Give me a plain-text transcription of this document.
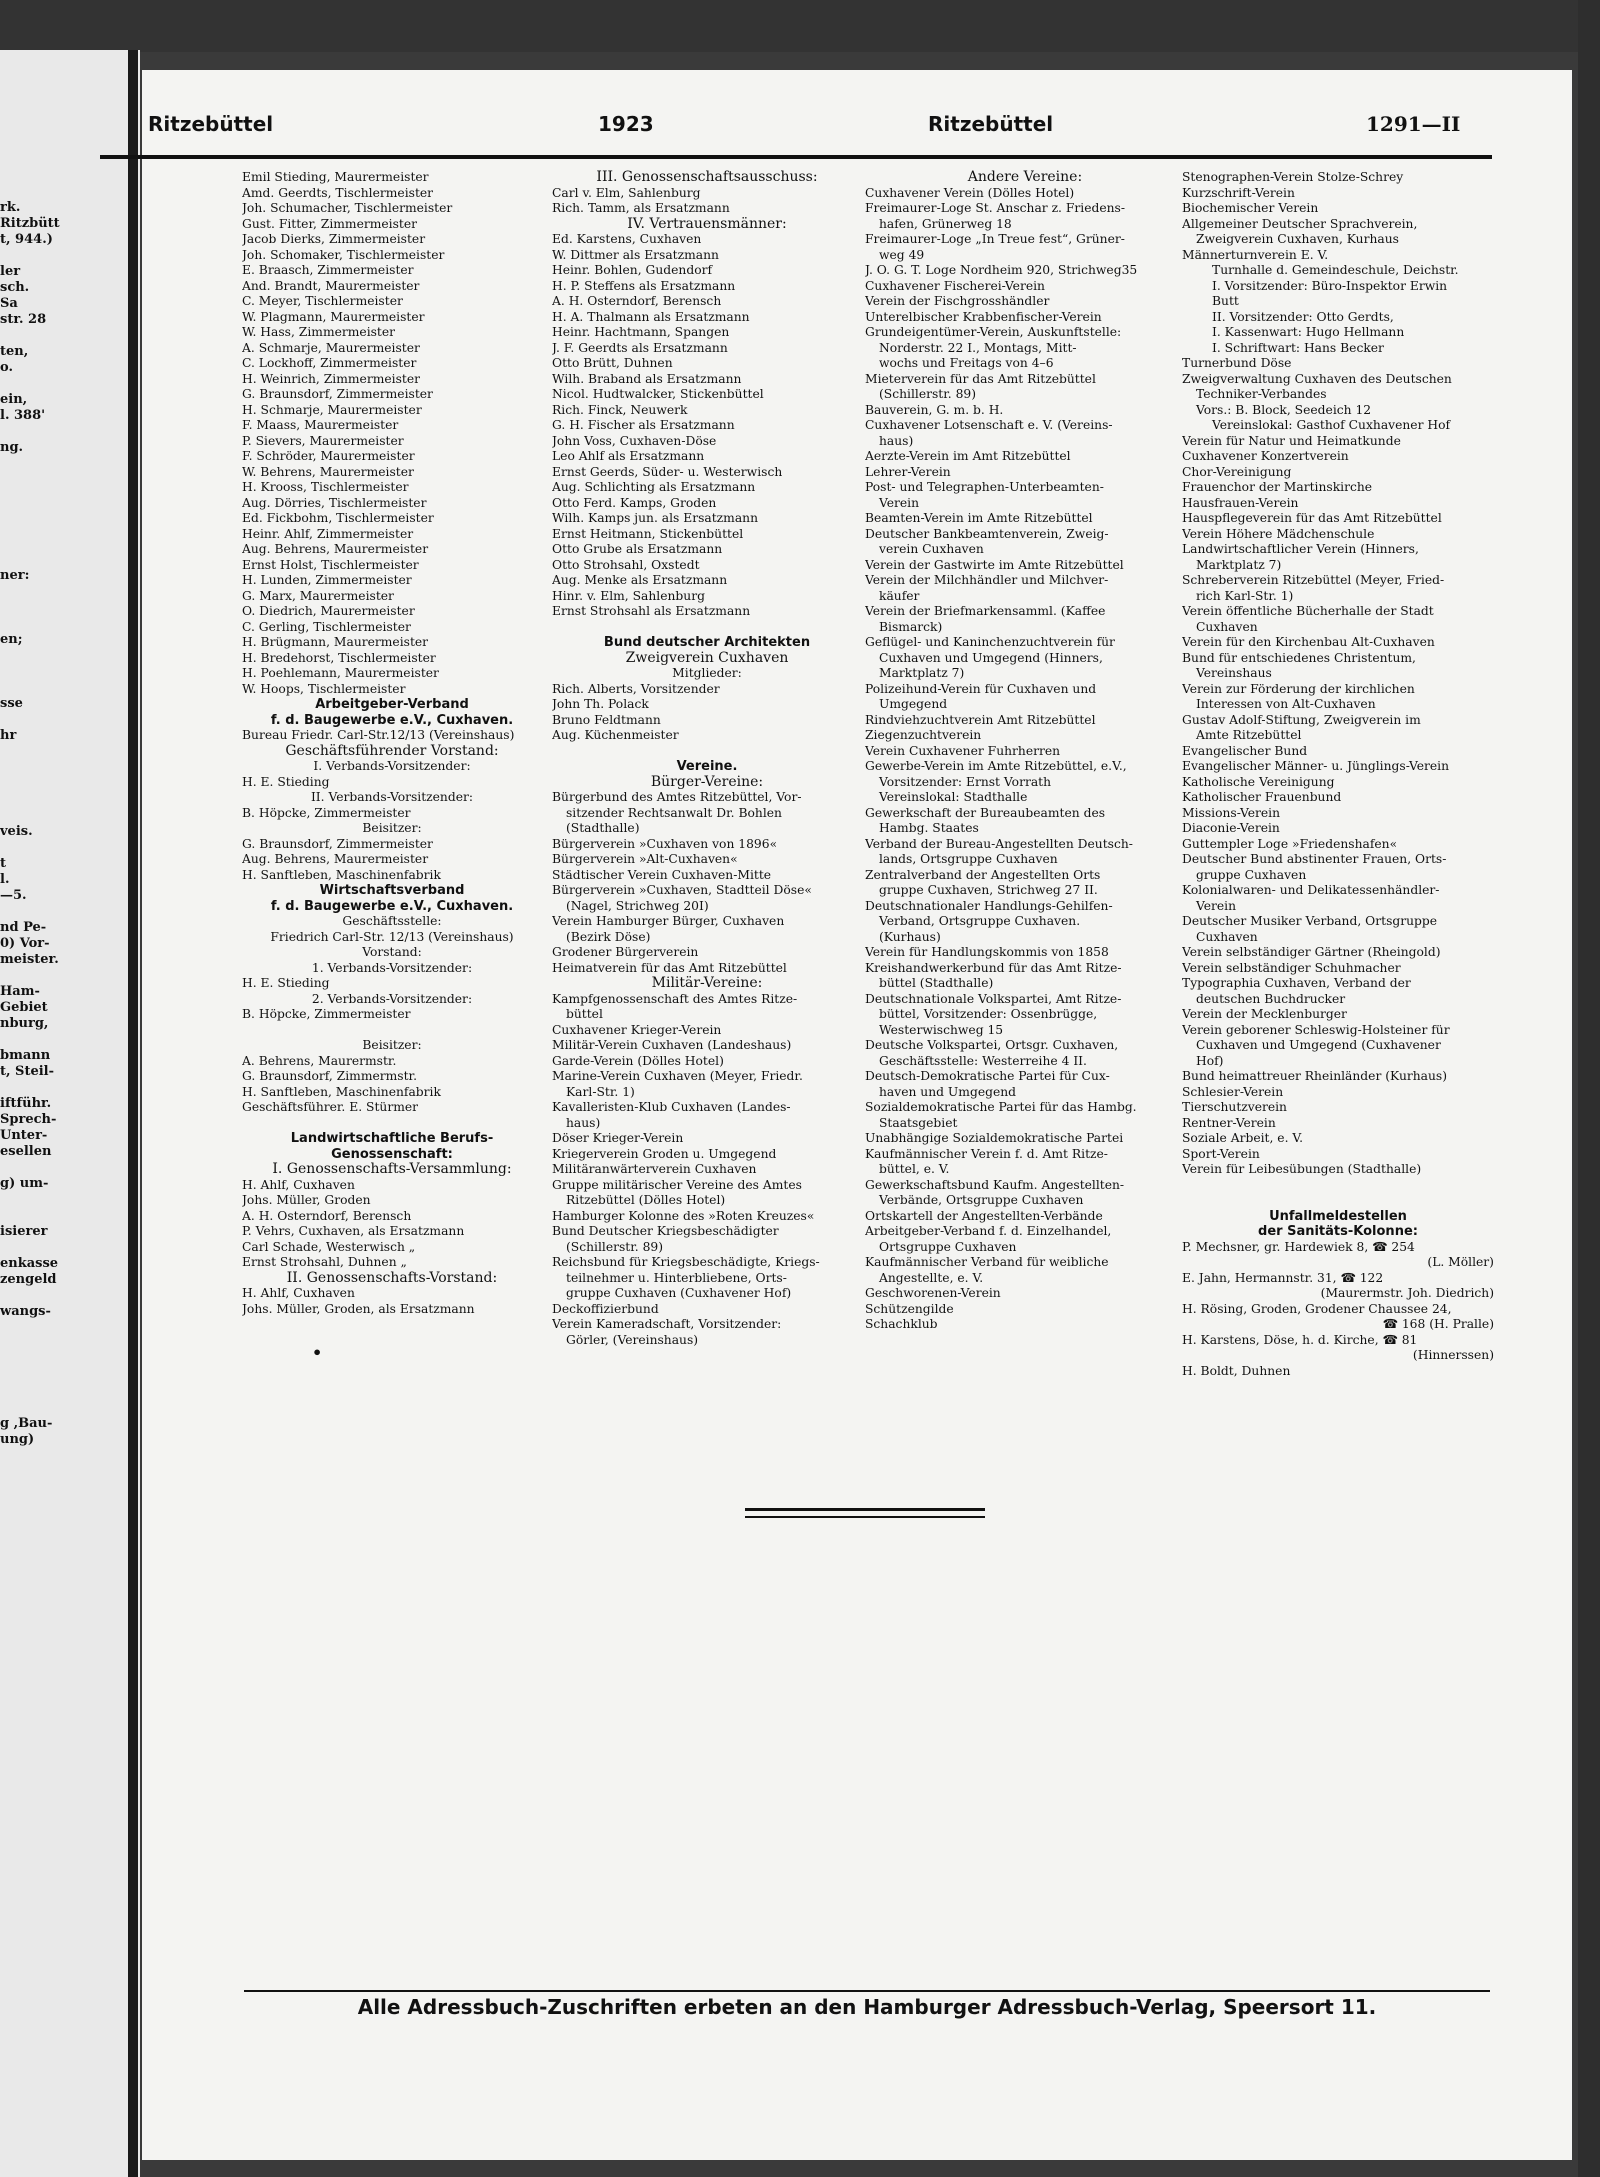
rk.
Ritzbütt
t, 944.)

ler
sch.
Sa
str. 28

ten,
o.

ein,
l. 388'

ng.

ner:

en;

sse

hr

veis.

t
l.
—5.

nd Pe-
0) Vor-
meister.

Ham-
Gebiet
nburg,

bmann
t, Steil-

iftführ.
Sprech-
Unter-
esellen

g) um-

isierer

enkasse
zengeld

wangs-

g ,Bau-
ung)
Ritzebüttel	1923	Ritzebüttel	1291—II
Emil Stieding, Maurermeister
Amd. Geerdts, Tischlermeister
Joh. Schumacher, Tischlermeister
Gust. Fitter, Zimmermeister
Jacob Dierks, Zimmermeister
Joh. Schomaker, Tischlermeister
E. Braasch, Zimmermeister
And. Brandt, Maurermeister
C. Meyer, Tischlermeister
W. Plagmann, Maurermeister
W. Hass, Zimmermeister
A. Schmarje, Maurermeister
C. Lockhoff, Zimmermeister
H. Weinrich, Zimmermeister
G. Braunsdorf, Zimmermeister
H. Schmarje, Maurermeister
F. Maass, Maurermeister
P. Sievers, Maurermeister
F. Schröder, Maurermeister
W. Behrens, Maurermeister
H. Krooss, Tischlermeister
Aug. Dörries, Tischlermeister
Ed. Fickbohm, Tischlermeister
Heinr. Ahlf, Zimmermeister
Aug. Behrens, Maurermeister
Ernst Holst, Tischlermeister
H. Lunden, Zimmermeister
G. Marx, Maurermeister
O. Diedrich, Maurermeister
C. Gerling, Tischlermeister
H. Brügmann, Maurermeister
H. Bredehorst, Tischlermeister
H. Poehlemann, Maurermeister
W. Hoops, Tischlermeister
Arbeitgeber-Verband
f. d. Baugewerbe e.V., Cuxhaven.
Bureau Friedr. Carl-Str.12/13 (Vereinshaus)
Geschäftsführender Vorstand:
I. Verbands-Vorsitzender:
H. E. Stieding
II. Verbands-Vorsitzender:
B. Höpcke, Zimmermeister
Beisitzer:
G. Braunsdorf, Zimmermeister
Aug. Behrens, Maurermeister
H. Sanftleben, Maschinenfabrik
Wirtschaftsverband
f. d. Baugewerbe e.V., Cuxhaven.
Geschäftsstelle:
Friedrich Carl-Str. 12/13 (Vereinshaus)
Vorstand:
1. Verbands-Vorsitzender:
H. E. Stieding
2. Verbands-Vorsitzender:
B. Höpcke, Zimmermeister

Beisitzer:
A. Behrens, Maurermstr.
G. Braunsdorf, Zimmermstr.
H. Sanftleben, Maschinenfabrik
Geschäftsführer. E. Stürmer

Landwirtschaftliche Berufs-
Genossenschaft:
I. Genossenschafts-Versammlung:
H. Ahlf, Cuxhaven
Johs. Müller, Groden
A. H. Osterndorf, Berensch
P. Vehrs, Cuxhaven, als Ersatzmann
Carl Schade, Westerwisch „
Ernst Strohsahl, Duhnen „
II. Genossenschafts-Vorstand:
H. Ahlf, Cuxhaven
Johs. Müller, Groden, als Ersatzmann
III. Genossenschaftsausschuss:
Carl v. Elm, Sahlenburg
Rich. Tamm, als Ersatzmann
IV. Vertrauensmänner:
Ed. Karstens, Cuxhaven
W. Dittmer als Ersatzmann
Heinr. Bohlen, Gudendorf
H. P. Steffens als Ersatzmann
A. H. Osterndorf, Berensch
H. A. Thalmann als Ersatzmann
Heinr. Hachtmann, Spangen
J. F. Geerdts als Ersatzmann
Otto Brütt, Duhnen
Wilh. Braband als Ersatzmann
Nicol. Hudtwalcker, Stickenbüttel
Rich. Finck, Neuwerk
G. H. Fischer als Ersatzmann
John Voss, Cuxhaven-Döse
Leo Ahlf als Ersatzmann
Ernst Geerds, Süder- u. Westerwisch
Aug. Schlichting als Ersatzmann
Otto Ferd. Kamps, Groden
Wilh. Kamps jun. als Ersatzmann
Ernst Heitmann, Stickenbüttel
Otto Grube als Ersatzmann
Otto Strohsahl, Oxstedt
Aug. Menke als Ersatzmann
Hinr. v. Elm, Sahlenburg
Ernst Strohsahl als Ersatzmann

Bund deutscher Architekten
Zweigverein Cuxhaven
Mitglieder:
Rich. Alberts, Vorsitzender
John Th. Polack
Bruno Feldtmann
Aug. Küchenmeister

Vereine.
Bürger-Vereine:
Bürgerbund des Amtes Ritzebüttel, Vor-
sitzender Rechtsanwalt Dr. Bohlen
(Stadthalle)
Bürgerverein »Cuxhaven von 1896«
Bürgerverein »Alt-Cuxhaven«
Städtischer Verein Cuxhaven-Mitte
Bürgerverein »Cuxhaven, Stadtteil Döse«
(Nagel, Strichweg 20I)
Verein Hamburger Bürger, Cuxhaven
(Bezirk Döse)
Grodener Bürgerverein
Heimatverein für das Amt Ritzebüttel
Militär-Vereine:
Kampfgenossenschaft des Amtes Ritze-
büttel
Cuxhavener Krieger-Verein
Militär-Verein Cuxhaven (Landeshaus)
Garde-Verein (Dölles Hotel)
Marine-Verein Cuxhaven (Meyer, Friedr.
Karl-Str. 1)
Kavalleristen-Klub Cuxhaven (Landes-
haus)
Döser Krieger-Verein
Kriegerverein Groden u. Umgegend
Militäranwärterverein Cuxhaven
Gruppe militärischer Vereine des Amtes
Ritzebüttel (Dölles Hotel)
Hamburger Kolonne des »Roten Kreuzes«
Bund Deutscher Kriegsbeschädigter
(Schillerstr. 89)
Reichsbund für Kriegsbeschädigte, Kriegs-
teilnehmer u. Hinterbliebene, Orts-
gruppe Cuxhaven (Cuxhavener Hof)
Deckoffizierbund
Verein Kameradschaft, Vorsitzender:
Görler, (Vereinshaus)
Andere Vereine:
Cuxhavener Verein (Dölles Hotel)
Freimaurer-Loge St. Anschar z. Friedens-
hafen, Grünerweg 18
Freimaurer-Loge „In Treue fest“, Grüner-
weg 49
J. O. G. T. Loge Nordheim 920, Strichweg35
Cuxhavener Fischerei-Verein
Verein der Fischgrosshändler
Unterelbischer Krabbenfischer-Verein
Grundeigentümer-Verein, Auskunftstelle:
Norderstr. 22 I., Montags, Mitt-
wochs und Freitags von 4–6
Mieterverein für das Amt Ritzebüttel
(Schillerstr. 89)
Bauverein, G. m. b. H.
Cuxhavener Lotsenschaft e. V. (Vereins-
haus)
Aerzte-Verein im Amt Ritzebüttel
Lehrer-Verein
Post- und Telegraphen-Unterbeamten-
Verein
Beamten-Verein im Amte Ritzebüttel
Deutscher Bankbeamtenverein, Zweig-
verein Cuxhaven
Verein der Gastwirte im Amte Ritzebüttel
Verein der Milchhändler und Milchver-
käufer
Verein der Briefmarkensamml. (Kaffee
Bismarck)
Geflügel- und Kaninchenzuchtverein für
Cuxhaven und Umgegend (Hinners,
Marktplatz 7)
Polizeihund-Verein für Cuxhaven und
Umgegend
Rindviehzuchtverein Amt Ritzebüttel
Ziegenzuchtverein
Verein Cuxhavener Fuhrherren
Gewerbe-Verein im Amte Ritzebüttel, e.V.,
Vorsitzender: Ernst Vorrath
Vereinslokal: Stadthalle
Gewerkschaft der Bureaubeamten des
Hambg. Staates
Verband der Bureau-Angestellten Deutsch-
lands, Ortsgruppe Cuxhaven
Zentralverband der Angestellten Orts
gruppe Cuxhaven, Strichweg 27 II.
Deutschnationaler Handlungs-Gehilfen-
Verband, Ortsgruppe Cuxhaven.
(Kurhaus)
Verein für Handlungskommis von 1858
Kreishandwerkerbund für das Amt Ritze-
büttel (Stadthalle)
Deutschnationale Volkspartei, Amt Ritze-
büttel, Vorsitzender: Ossenbrügge,
Westerwischweg 15
Deutsche Volkspartei, Ortsgr. Cuxhaven,
Geschäftsstelle: Westerreihe 4 II.
Deutsch-Demokratische Partei für Cux-
haven und Umgegend
Sozialdemokratische Partei für das Hambg.
Staatsgebiet
Unabhängige Sozialdemokratische Partei
Kaufmännischer Verein f. d. Amt Ritze-
büttel, e. V.
Gewerkschaftsbund Kaufm. Angestellten-
Verbände, Ortsgruppe Cuxhaven
Ortskartell der Angestellten-Verbände
Arbeitgeber-Verband f. d. Einzelhandel,
Ortsgruppe Cuxhaven
Kaufmännischer Verband für weibliche
Angestellte, e. V.
Geschworenen-Verein
Schützengilde
Schachklub
Stenographen-Verein Stolze-Schrey
Kurzschrift-Verein
Biochemischer Verein
Allgemeiner Deutscher Sprachverein,
Zweigverein Cuxhaven, Kurhaus
Männerturnverein E. V.
Turnhalle d. Gemeindeschule, Deichstr.
I. Vorsitzender: Büro-Inspektor Erwin
Butt
II. Vorsitzender: Otto Gerdts,
I. Kassenwart: Hugo Hellmann
I. Schriftwart: Hans Becker
Turnerbund Döse
Zweigverwaltung Cuxhaven des Deutschen
Techniker-Verbandes
Vors.: B. Block, Seedeich 12
Vereinslokal: Gasthof Cuxhavener Hof
Verein für Natur und Heimatkunde
Cuxhavener Konzertverein
Chor-Vereinigung
Frauenchor der Martinskirche
Hausfrauen-Verein
Hauspflegeverein für das Amt Ritzebüttel
Verein Höhere Mädchenschule
Landwirtschaftlicher Verein (Hinners,
Marktplatz 7)
Schreberverein Ritzebüttel (Meyer, Fried-
rich Karl-Str. 1)
Verein öffentliche Bücherhalle der Stadt
Cuxhaven
Verein für den Kirchenbau Alt-Cuxhaven
Bund für entschiedenes Christentum,
Vereinshaus
Verein zur Förderung der kirchlichen
Interessen von Alt-Cuxhaven
Gustav Adolf-Stiftung, Zweigverein im
Amte Ritzebüttel
Evangelischer Bund
Evangelischer Männer- u. Jünglings-Verein
Katholische Vereinigung
Katholischer Frauenbund
Missions-Verein
Diaconie-Verein
Guttempler Loge »Friedenshafen«
Deutscher Bund abstinenter Frauen, Orts-
gruppe Cuxhaven
Kolonialwaren- und Delikatessenhändler-
Verein
Deutscher Musiker Verband, Ortsgruppe
Cuxhaven
Verein selbständiger Gärtner (Rheingold)
Verein selbständiger Schuhmacher
Typographia Cuxhaven, Verband der
deutschen Buchdrucker
Verein der Mecklenburger
Verein geborener Schleswig-Holsteiner für
Cuxhaven und Umgegend (Cuxhavener
Hof)
Bund heimattreuer Rheinländer (Kurhaus)
Schlesier-Verein
Tierschutzverein
Rentner-Verein
Soziale Arbeit, e. V.
Sport-Verein
Verein für Leibesübungen (Stadthalle)

Unfallmeldestellen
der Sanitäts-Kolonne:
P. Mechsner, gr. Hardewiek 8, ☎ 254
(L. Möller)
E. Jahn, Hermannstr. 31, ☎ 122
(Maurermstr. Joh. Diedrich)
H. Rösing, Groden, Grodener Chaussee 24,
☎ 168 (H. Pralle)
H. Karstens, Döse, h. d. Kirche, ☎ 81
(Hinnerssen)
H. Boldt, Duhnen
•
Alle Adressbuch-Zuschriften erbeten an den Hamburger Adressbuch-Verlag, Speersort 11.
